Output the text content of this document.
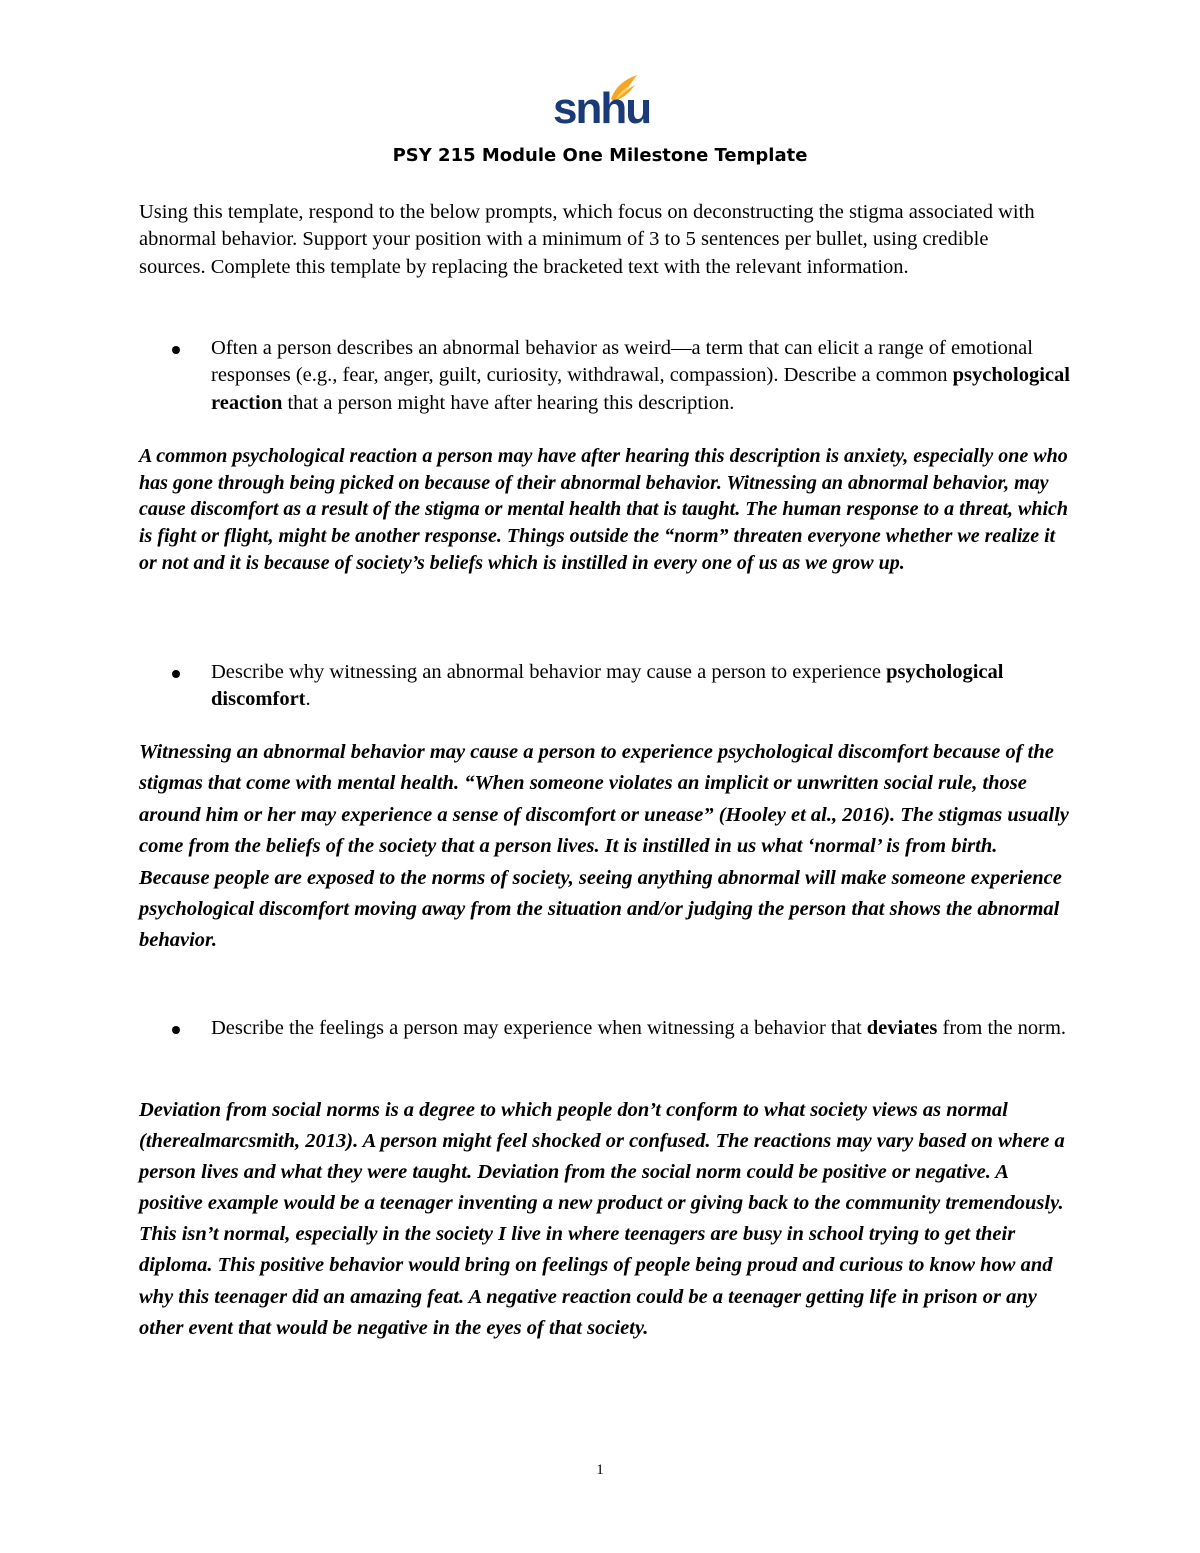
snhu
PSY 215 Module One Milestone Template
Using this template, respond to the below prompts, which focus on deconstructing the stigma associated with abnormal behavior. Support your position with a minimum of 3 to 5 sentences per bullet, using credible sources. Complete this template by replacing the bracketed text with the relevant information.
Often a person describes an abnormal behavior as weird—a term that can elicit a range of emotional responses (e.g., fear, anger, guilt, curiosity, withdrawal, compassion). Describe a common psychological reaction that a person might have after hearing this description.
A common psychological reaction a person may have after hearing this description is anxiety, especially one who has gone through being picked on because of their abnormal behavior. Witnessing an abnormal behavior, may cause discomfort as a result of the stigma or mental health that is taught. The human response to a threat, which is fight or flight, might be another response. Things outside the “norm” threaten everyone whether we realize it or not and it is because of society’s beliefs which is instilled in every one of us as we grow up.
Describe why witnessing an abnormal behavior may cause a person to experience psychological discomfort.
Witnessing an abnormal behavior may cause a person to experience psychological discomfort because of the stigmas that come with mental health. “When someone violates an implicit or unwritten social rule, those around him or her may experience a sense of discomfort or unease” (Hooley et al., 2016). The stigmas usually come from the beliefs of the society that a person lives. It is instilled in us what ‘normal’ is from birth. Because people are exposed to the norms of society, seeing anything abnormal will make someone experience psychological discomfort moving away from the situation and/or judging the person that shows the abnormal behavior.
Describe the feelings a person may experience when witnessing a behavior that deviates from the norm.
Deviation from social norms is a degree to which people don’t conform to what society views as normal (therealmarcsmith, 2013). A person might feel shocked or confused. The reactions may vary based on where a person lives and what they were taught. Deviation from the social norm could be positive or negative. A positive example would be a teenager inventing a new product or giving back to the community tremendously. This isn’t normal, especially in the society I live in where teenagers are busy in school trying to get their diploma. This positive behavior would bring on feelings of people being proud and curious to know how and why this teenager did an amazing feat. A negative reaction could be a teenager getting life in prison or any other event that would be negative in the eyes of that society.
1
